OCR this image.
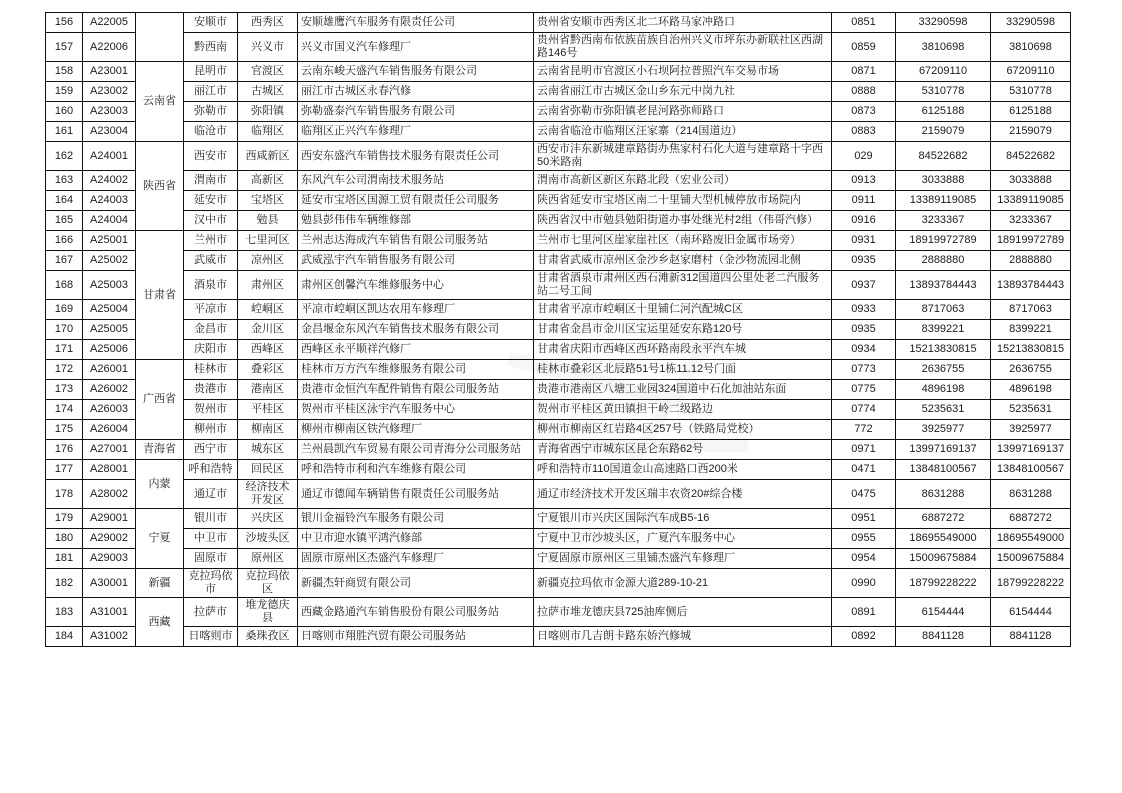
156	A22005		安顺市	西秀区	安顺雄鹰汽车服务有限责任公司	贵州省安顺市西秀区北二环路马家冲路口	0851	33290598	33290598
157	A22006		黔西南	兴义市	兴义市国义汽车修理厂	贵州省黔西南布依族苗族自治州兴义市坪东办新联社区西湖路146号	0859	3810698	3810698
158	A23001	云南省	昆明市	官渡区	云南东峻天盛汽车销售服务有限公司	云南省昆明市官渡区小石坝阿拉普照汽车交易市场	0871	67209110	67209110
159	A23002		丽江市	古城区	丽江市古城区永春汽修	云南省丽江市古城区金山乡东元中岗九社	0888	5310778	5310778
160	A23003		弥勒市	弥阳镇	弥勒盛泰汽车销售服务有限公司	云南省弥勒市弥阳镇老昆河路弥师路口	0873	6125188	6125188
161	A23004		临沧市	临翔区	临翔区正兴汽车修理厂	云南省临沧市临翔区汪家寨（214国道边）	0883	2159079	2159079
162	A24001	陕西省	西安市	西咸新区	西安东盛汽车销售技术服务有限责任公司	西安市沣东新城建章路街办焦家村石化大道与建章路十字西50米路南	029	84522682	84522682
163	A24002		渭南市	高新区	东风汽车公司渭南技术服务站	渭南市高新区新区东路北段（宏业公司）	0913	3033888	3033888
164	A24003		延安市	宝塔区	延安市宝塔区国源工贸有限责任公司服务	陕西省延安市宝塔区南二十里铺大型机械停放市场院内	0911	13389119085	13389119085
165	A24004		汉中市	勉县	勉县彭伟伟车辆维修部	陕西省汉中市勉县勉阳街道办事处继光村2组（伟哥汽修）	0916	3233367	3233367
166	A25001	甘肃省	兰州市	七里河区	兰州志达海成汽车销售有限公司服务站	兰州市七里河区崖家崖社区（南环路废旧金属市场旁）	0931	18919972789	18919972789
167	A25002		武威市	凉州区	武威泓宇汽车销售服务有限公司	甘肃省武威市凉州区金沙乡赵家磨村（金沙物流园北侧	0935	2888880	2888880
168	A25003		酒泉市	肃州区	肃州区创馨汽车维修服务中心	甘肃省酒泉市肃州区西石滩新312国道四公里处老二汽服务站二号工间	0937	13893784443	13893784443
169	A25004		平凉市	崆峒区	平凉市崆峒区凯达农用车修理厂	甘肃省平凉市崆峒区十里铺仁河汽配城C区	0933	8717063	8717063
170	A25005		金昌市	金川区	金昌堰金东风汽车销售技术服务有限公司	甘肃省金昌市金川区宝运里延安东路120号	0935	8399221	8399221
171	A25006		庆阳市	西峰区	西峰区永平顺祥汽修厂	甘肃省庆阳市西峰区西环路南段永平汽车城	0934	15213830815	15213830815
172	A26001	广西省	桂林市	叠彩区	桂林市万方汽车维修服务有限公司	桂林市叠彩区北辰路51号1栋11.12号门面	0773	2636755	2636755
173	A26002		贵港市	港南区	贵港市金恒汽车配件销售有限公司服务站	贵港市港南区八塘工业园324国道中石化加油站东面	0775	4896198	4896198
174	A26003		贺州市	平桂区	贺州市平桂区泳宇汽车服务中心	贺州市平桂区黄田镇担干岭二级路边	0774	5235631	5235631
175	A26004		柳州市	柳南区	柳州市柳南区铁汽修理厂	柳州市柳南区红岩路4区257号（铁路局党校）	772	3925977	3925977
176	A27001	青海省	西宁市	城东区	兰州晨凯汽车贸易有限公司青海分公司服务站	青海省西宁市城东区昆仑东路62号	0971	13997169137	13997169137
177	A28001	内蒙	呼和浩特	回民区	呼和浩特市利和汽车维修有限公司	呼和浩特市110国道金山高速路口西200米	0471	13848100567	13848100567
178	A28002		通辽市	经济技术开发区	通辽市德闻车辆销售有限责任公司服务站	通辽市经济技术开发区瑞丰农资20#综合楼	0475	8631288	8631288
179	A29001	宁夏	银川市	兴庆区	银川金福铃汽车服务有限公司	宁夏银川市兴庆区国际汽车成B5-16	0951	6887272	6887272
180	A29002		中卫市	沙坡头区	中卫市迎水镇平鸿汽修部	宁夏中卫市沙坡头区，广夏汽车服务中心	0955	18695549000	18695549000
181	A29003		固原市	原州区	固原市原州区杰盛汽车修理厂	宁夏固原市原州区三里铺杰盛汽车修理厂	0954	15009675884	15009675884
182	A30001	新疆	克拉玛依市	克拉玛依区	新疆杰轩商贸有限公司	新疆克拉玛依市金源大道289-10-21	0990	18799228222	18799228222
183	A31001	西藏	拉萨市	堆龙德庆县	西藏金路通汽车销售股份有限公司服务站	拉萨市堆龙德庆县725油库侧后	0891	6154444	6154444
184	A31002		日喀则市	桑珠孜区	日喀则市翔胜汽贸有限公司服务站	日喀则市几吉朗卡路东娇汽修城	0892	8841128	8841128
